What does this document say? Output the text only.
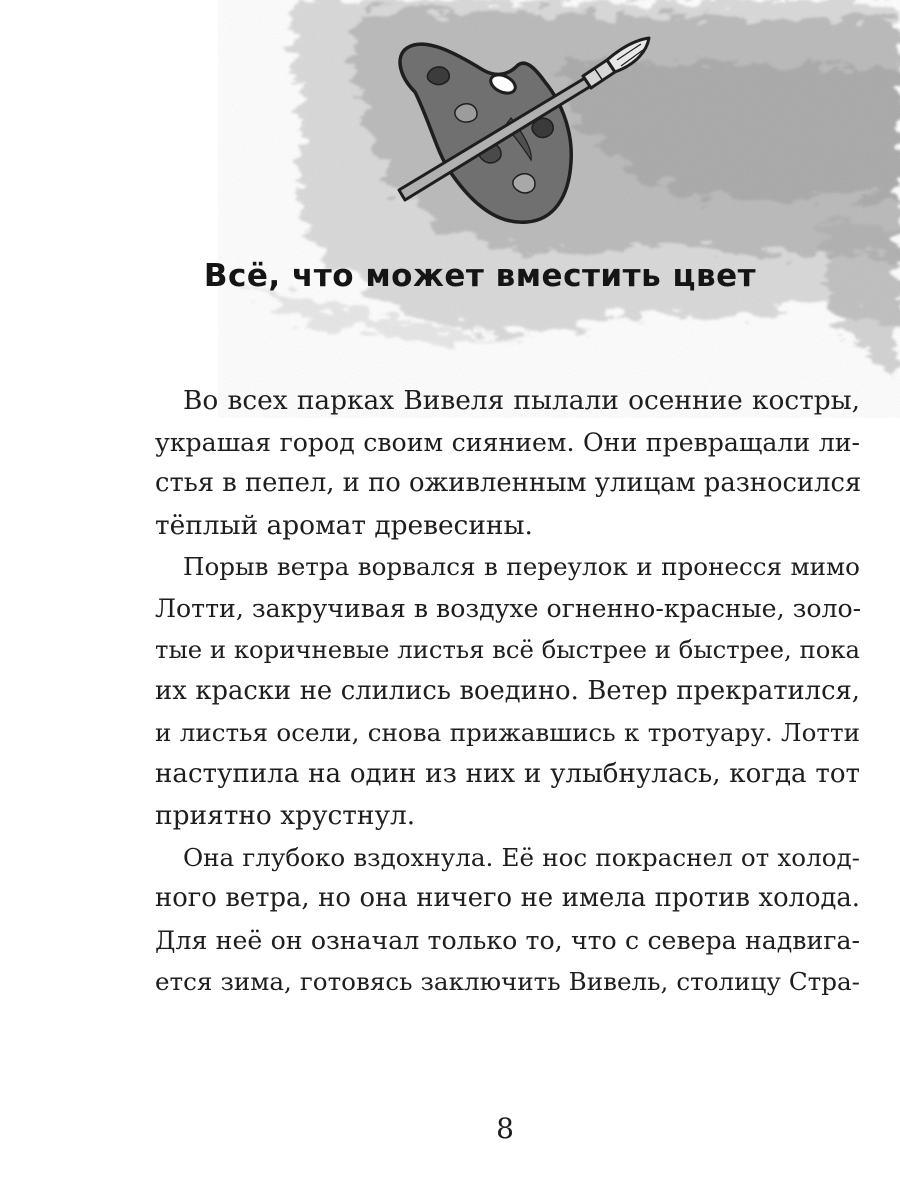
Всё, что может вместить цвет

Во всех парках Вивеля пылали осенние костры,
украшая город своим сиянием. Они превращали ли-
стья в пепел, и по оживленным улицам разносился
тёплый аромат древесины.

Порыв ветра ворвался в переулок и пронесся мимо
Лотти, закручивая в воздухе огненно-красные, золо-
тые и коричневые листья всё быстрее и быстрее, пока
их краски не слились воедино. Ветер прекратился,
и листья осели, снова прижавшись к тротуару. Лотти
наступила на один из них и улыбнулась, когда тот
приятно хрустнул.

Она глубоко вздохнула. Её нос покраснел от холод-
ного ветра, но она ничего не имела против холода.
Для неё он означал только то, что с севера надвига-
ется зима, готовясь заключить Вивель, столицу Стра-

8
